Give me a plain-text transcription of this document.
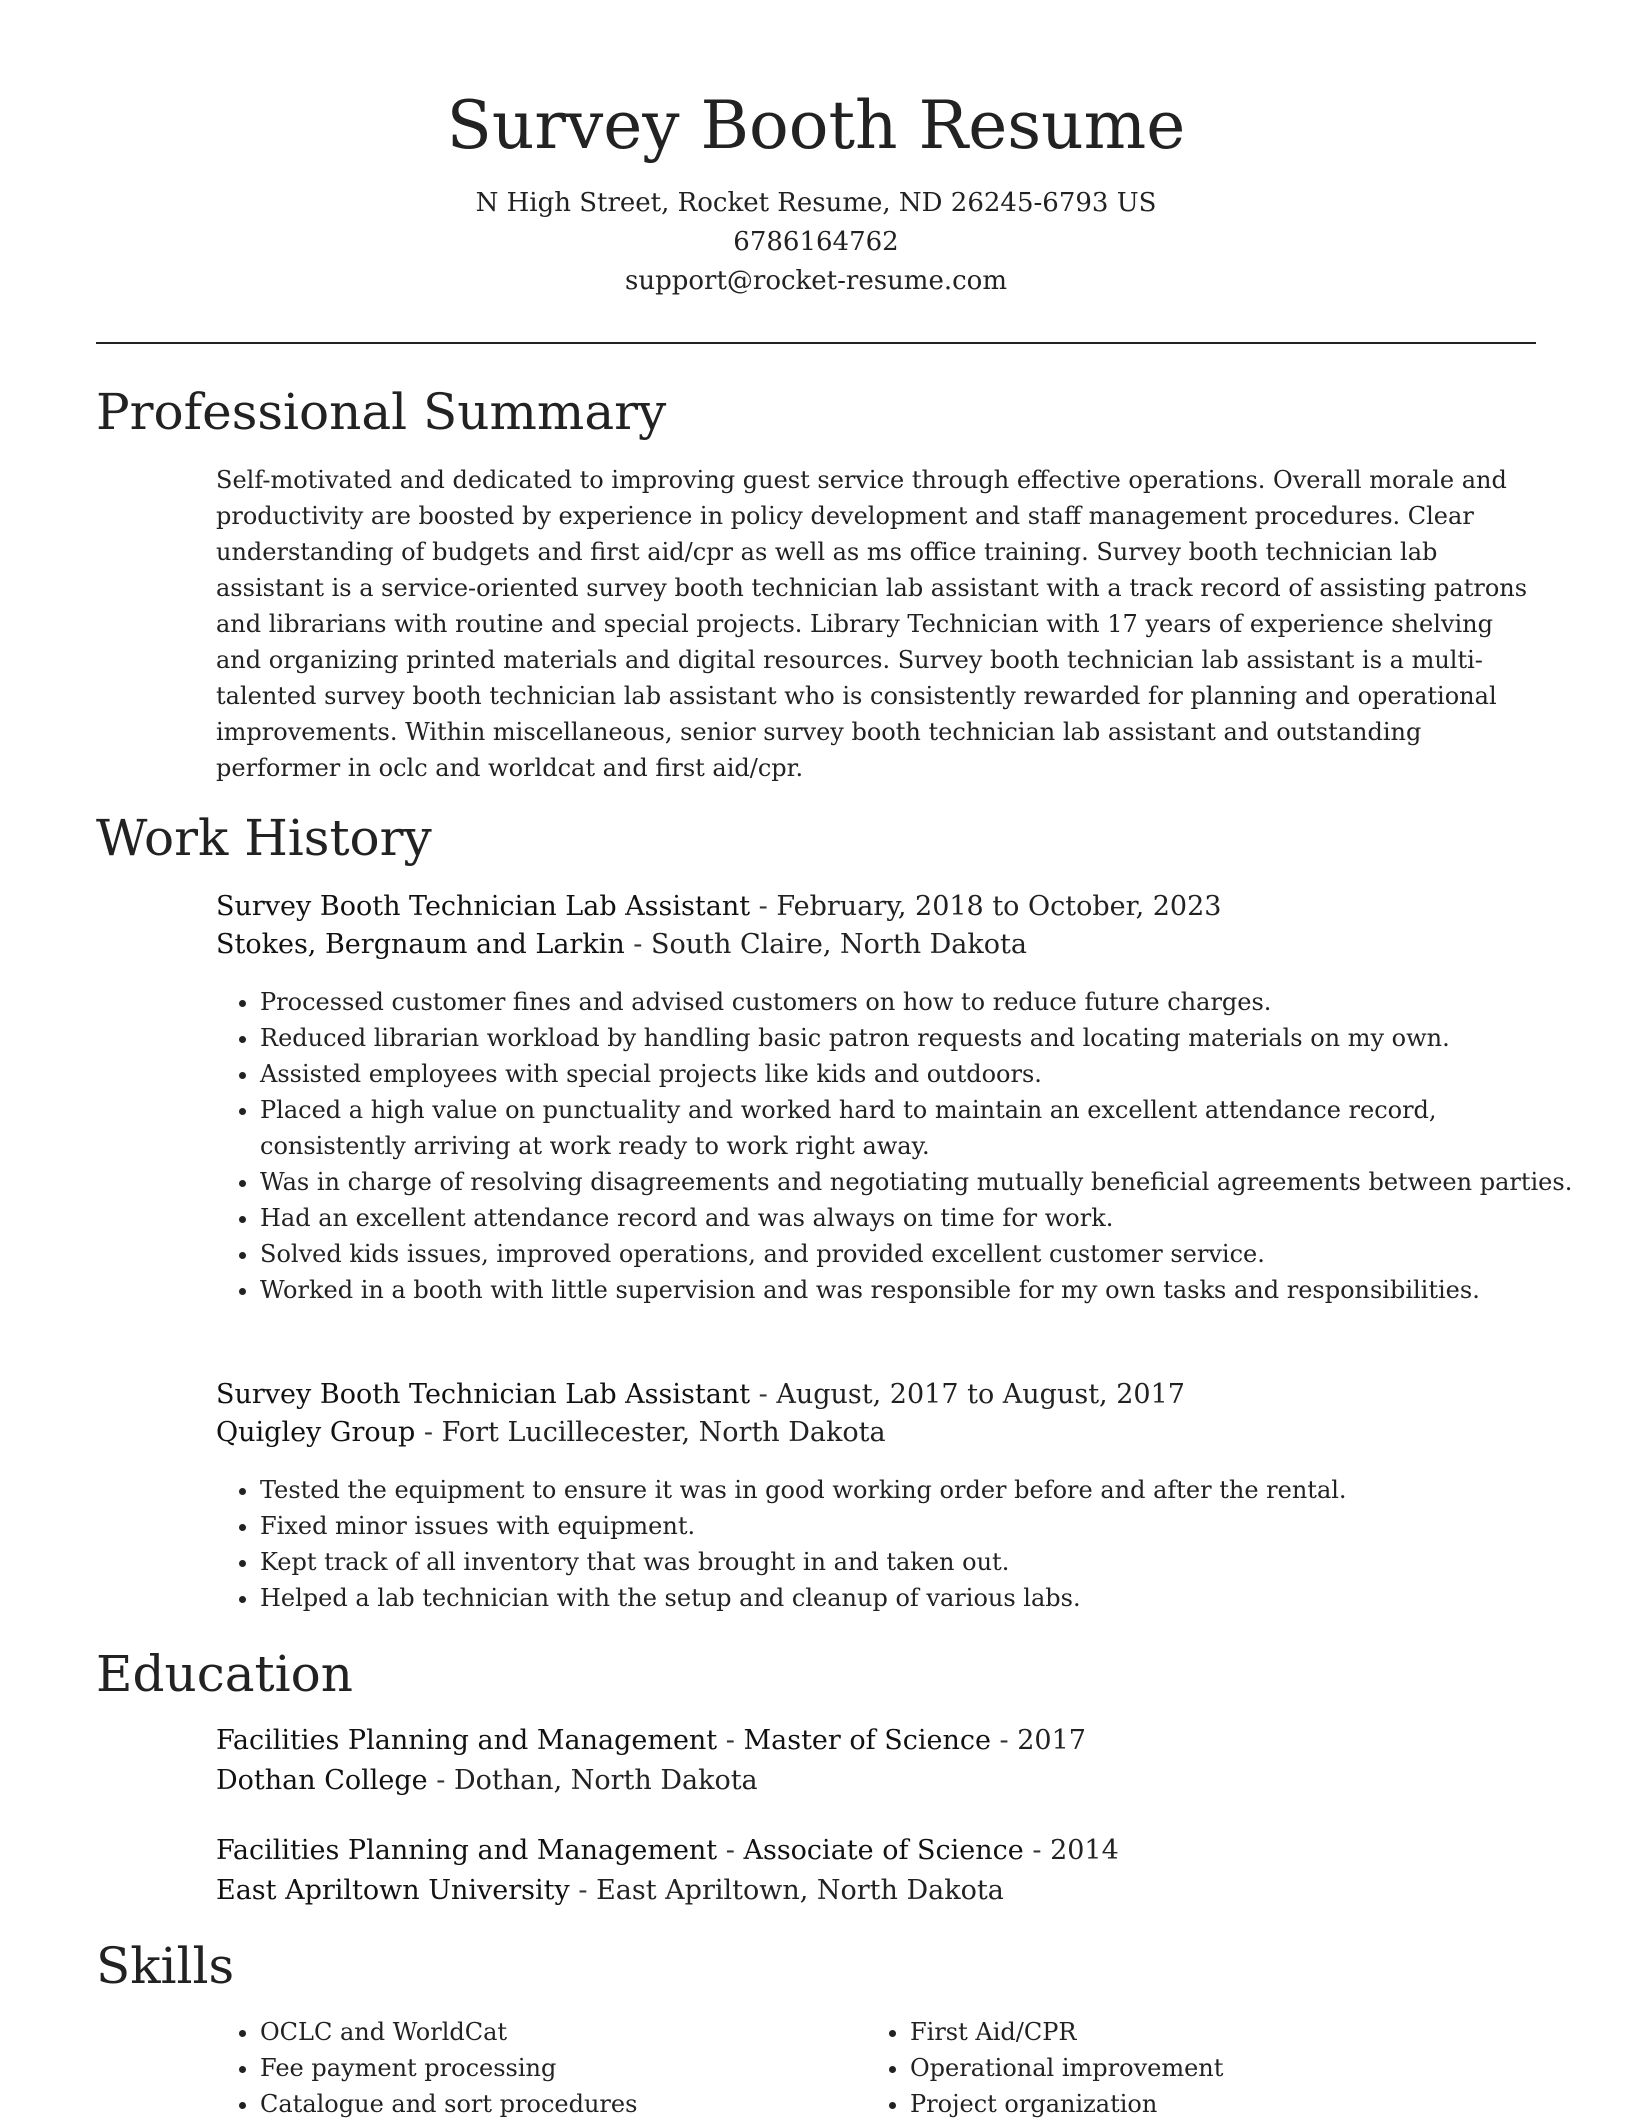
Survey Booth Resume
N High Street, Rocket Resume, ND 26245-6793 US
6786164762
support@rocket-resume.com
Professional Summary

Self-motivated and dedicated to improving guest service through effective operations. Overall morale and productivity are boosted by experience in policy development and staff management procedures. Clear understanding of budgets and first aid/cpr as well as ms office training. Survey booth technician lab assistant is a service-oriented survey booth technician lab assistant with a track record of assisting patrons and librarians with routine and special projects. Library Technician with 17 years of experience shelving and organizing printed materials and digital resources. Survey booth technician lab assistant is a multi-talented survey booth technician lab assistant who is consistently rewarded for planning and operational improvements. Within miscellaneous, senior survey booth technician lab assistant and outstanding performer in oclc and worldcat and first aid/cpr.

Work History
Survey Booth Technician Lab Assistant - February, 2018 to October, 2023
Stokes, Bergnaum and Larkin - South Claire, North Dakota
• Processed customer fines and advised customers on how to reduce future charges.
• Reduced librarian workload by handling basic patron requests and locating materials on my own.
• Assisted employees with special projects like kids and outdoors.
• Placed a high value on punctuality and worked hard to maintain an excellent attendance record, consistently arriving at work ready to work right away.
• Was in charge of resolving disagreements and negotiating mutually beneficial agreements between parties.
• Had an excellent attendance record and was always on time for work.
• Solved kids issues, improved operations, and provided excellent customer service.
• Worked in a booth with little supervision and was responsible for my own tasks and responsibilities.
Survey Booth Technician Lab Assistant - August, 2017 to August, 2017
Quigley Group - Fort Lucillecester, North Dakota
• Tested the equipment to ensure it was in good working order before and after the rental.
• Fixed minor issues with equipment.
• Kept track of all inventory that was brought in and taken out.
• Helped a lab technician with the setup and cleanup of various labs.
Education
Facilities Planning and Management - Master of Science - 2017
Dothan College - Dothan, North Dakota
Facilities Planning and Management - Associate of Science - 2014
East Apriltown University - East Apriltown, North Dakota
Skills
• OCLC and WorldCat
• Fee payment processing
• Catalogue and sort procedures
• First Aid/CPR
• Operational improvement
• Project organization
